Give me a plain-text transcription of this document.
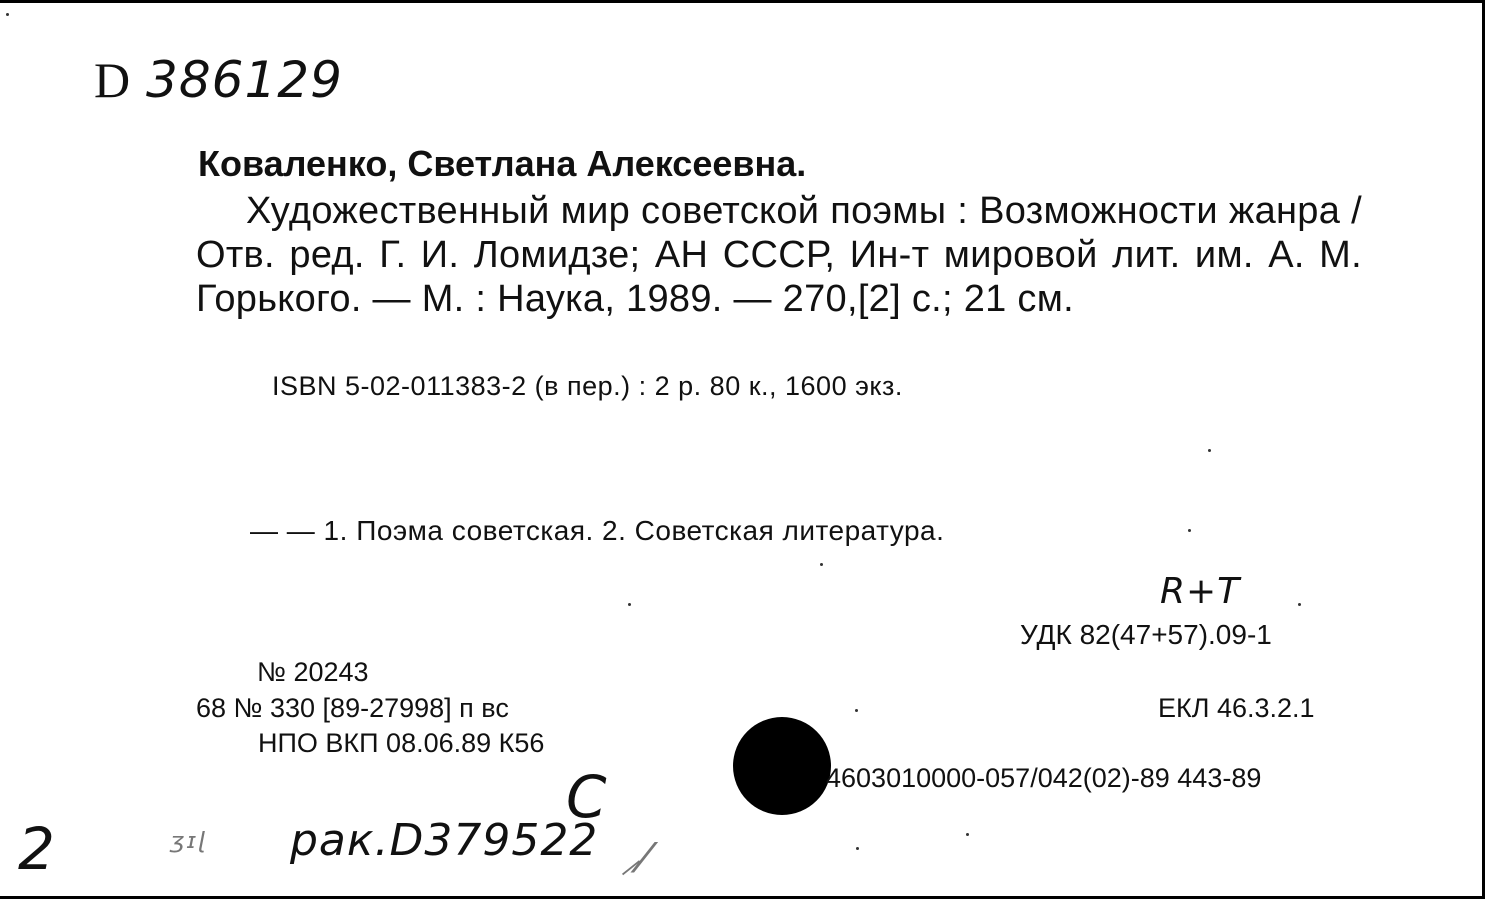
D 386129
Коваленко, Светлана Алексеевна.
Художественный мир советской поэмы : Возможности жанра / Отв. ред. Г. И. Ломидзе; АН СССР, Ин-т мировой лит. им. А. М. Горького. — М. : Наука, 1989. — 270,[2] с.; 21 см.
ISBN 5-02-011383-2 (в пер.) : 2 р. 80 к., 1600 экз.
— — 1. Поэма советская. 2. Советская литература.
R+T
УДК 82(47+57).09-1
№ 20243
68 № 330 [89-27998] п вс	ЕКЛ 46.3.2.1
НПО ВКП 08.06.89 К56
4603010000-057/042(02)-89 443-89
C
2	ᶾᶦᶩ рак.D379522 ⸝⁄
